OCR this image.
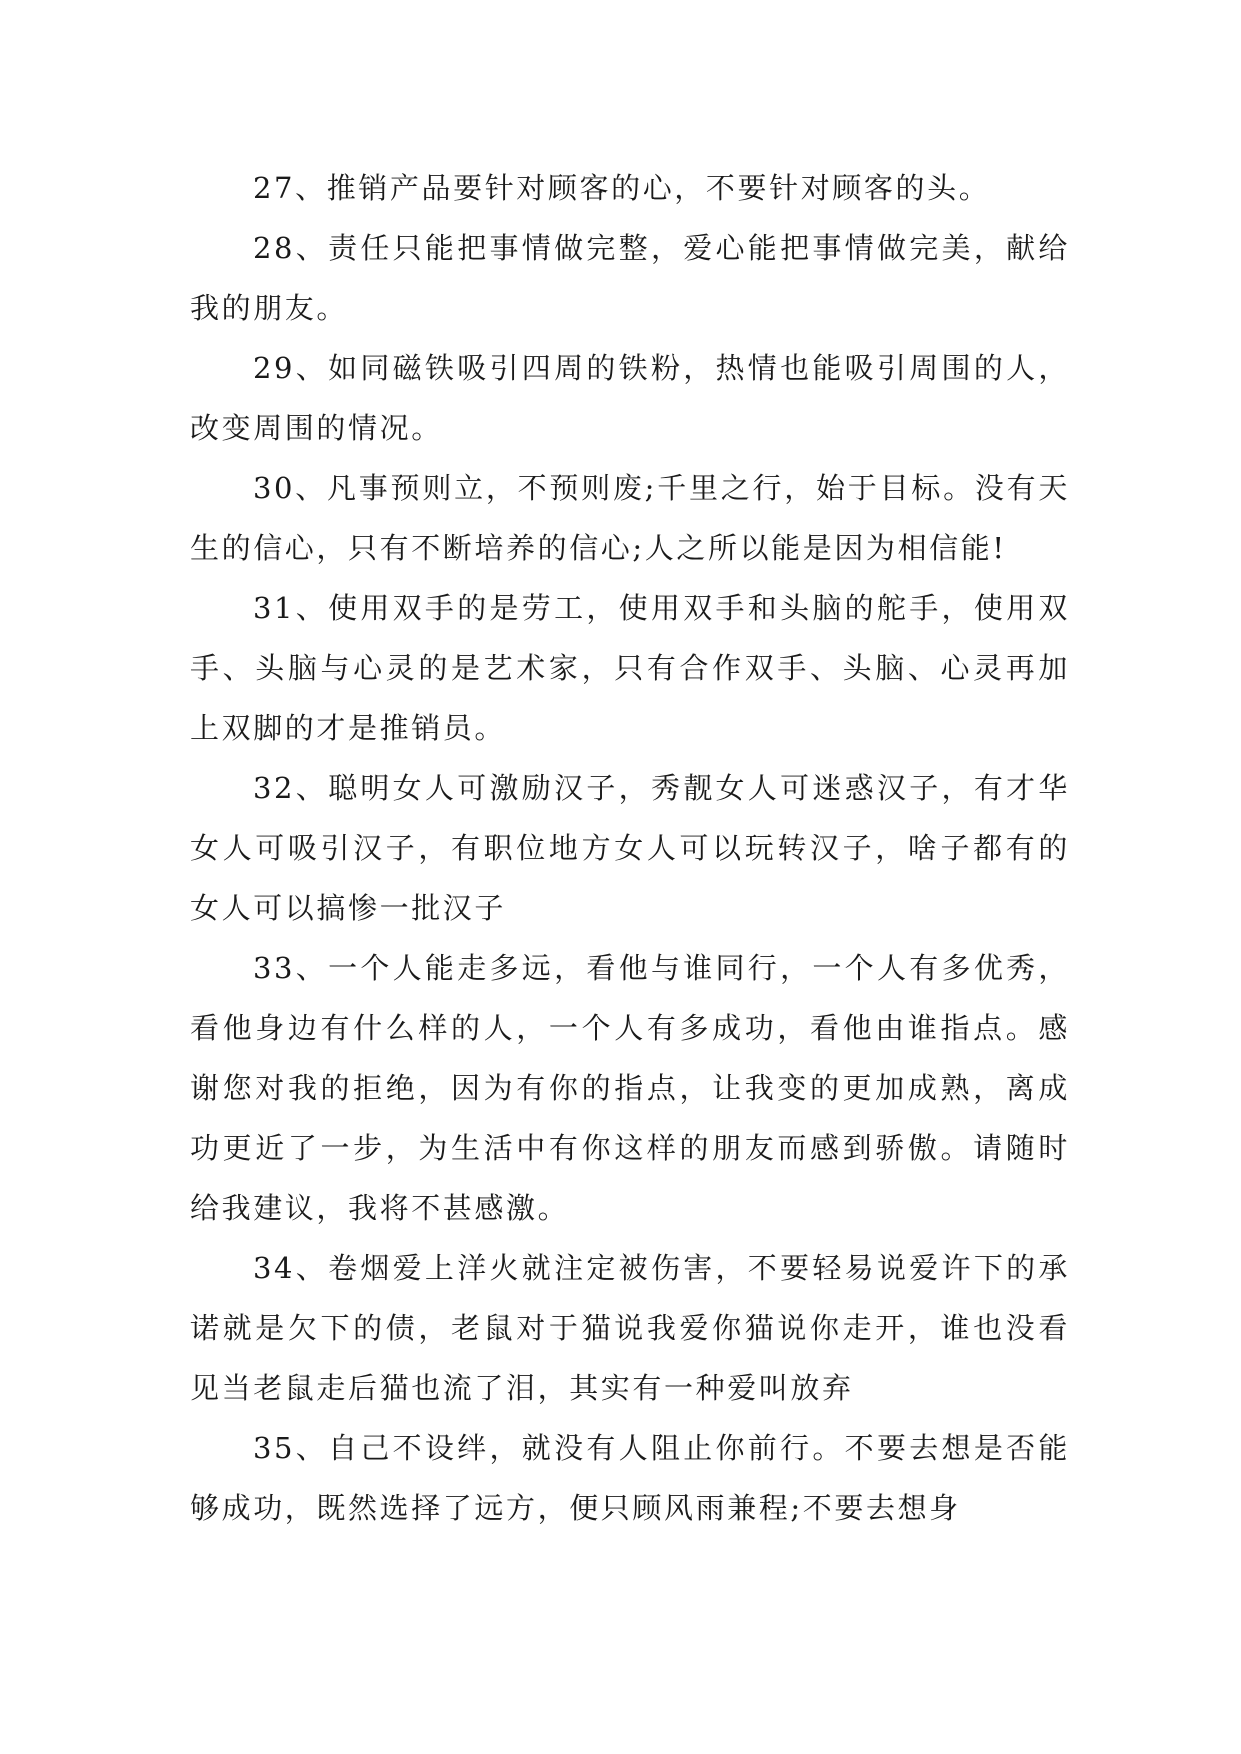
27、推销产品要针对顾客的心，不要针对顾客的头。

28、责任只能把事情做完整，爱心能把事情做完美，献给我的朋友。

29、如同磁铁吸引四周的铁粉，热情也能吸引周围的人，改变周围的情况。

30、凡事预则立，不预则废;千里之行，始于目标。没有天生的信心，只有不断培养的信心;人之所以能是因为相信能!

31、使用双手的是劳工，使用双手和头脑的舵手，使用双手、头脑与心灵的是艺术家，只有合作双手、头脑、心灵再加上双脚的才是推销员。

32、聪明女人可激励汉子，秀靓女人可迷惑汉子，有才华女人可吸引汉子，有职位地方女人可以玩转汉子，啥子都有的女人可以搞惨一批汉子

33、一个人能走多远，看他与谁同行，一个人有多优秀，看他身边有什么样的人，一个人有多成功，看他由谁指点。感谢您对我的拒绝，因为有你的指点，让我变的更加成熟，离成功更近了一步，为生活中有你这样的朋友而感到骄傲。请随时给我建议，我将不甚感激。

34、卷烟爱上洋火就注定被伤害，不要轻易说爱许下的承诺就是欠下的债，老鼠对于猫说我爱你猫说你走开，谁也没看见当老鼠走后猫也流了泪，其实有一种爱叫放弃

35、自己不设绊，就没有人阻止你前行。不要去想是否能够成功，既然选择了远方，便只顾风雨兼程;不要去想身
